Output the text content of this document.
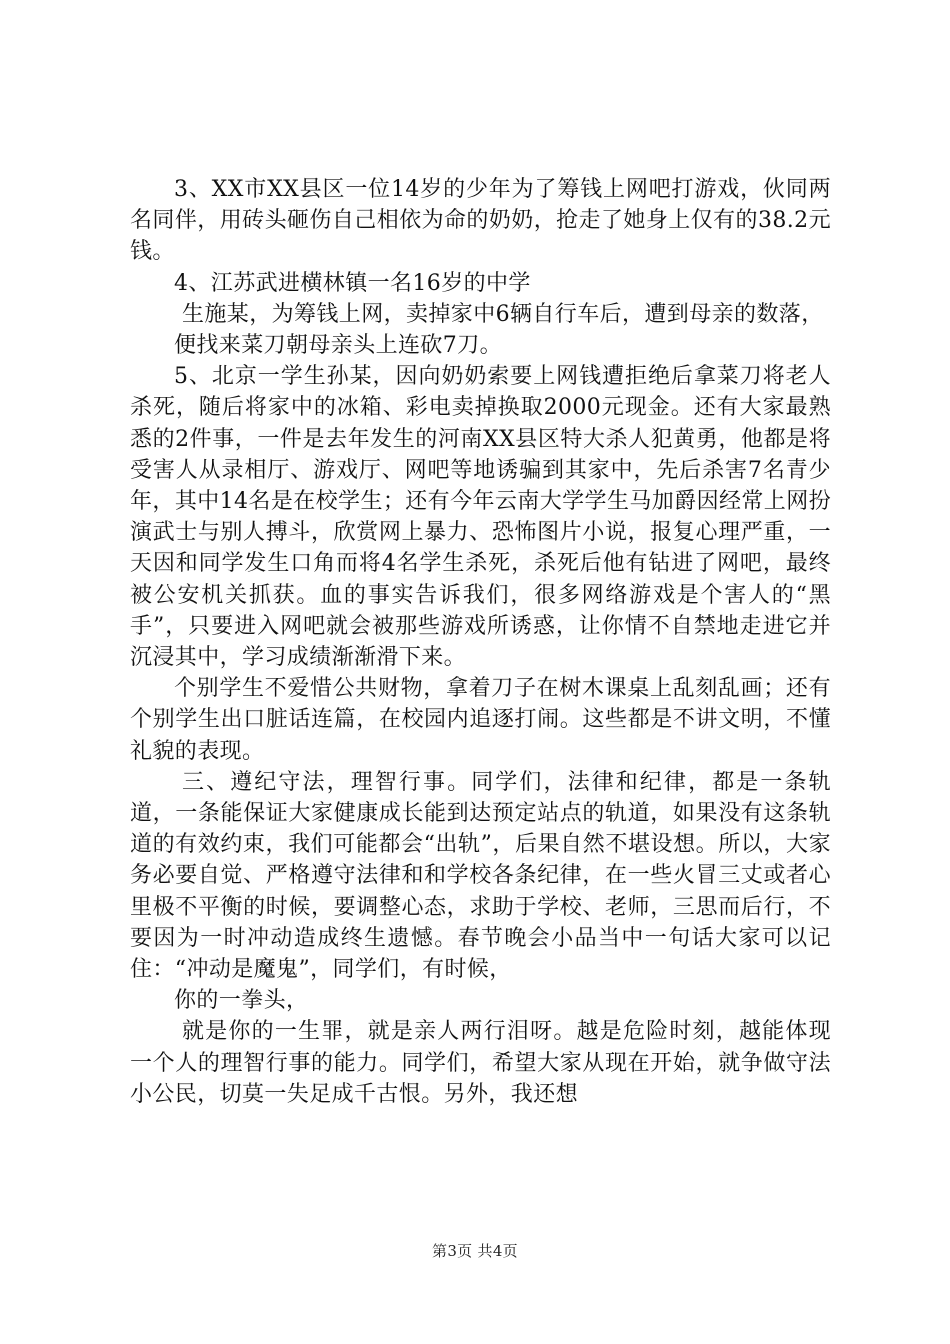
3、XX市XX县区一位14岁的少年为了筹钱上网吧打游戏，伙同两名同伴，用砖头砸伤自己相依为命的奶奶，抢走了她身上仅有的38.2元钱。

4、江苏武进横林镇一名16岁的中学

生施某，为筹钱上网，卖掉家中6辆自行车后，遭到母亲的数落，

便找来菜刀朝母亲头上连砍7刀。

5、北京一学生孙某，因向奶奶索要上网钱遭拒绝后拿菜刀将老人杀死，随后将家中的冰箱、彩电卖掉换取2000元现金。还有大家最熟悉的2件事，一件是去年发生的河南XX县区特大杀人犯黄勇，他都是将受害人从录相厅、游戏厅、网吧等地诱骗到其家中，先后杀害7名青少年，其中14名是在校学生；还有今年云南大学学生马加爵因经常上网扮演武士与别人搏斗，欣赏网上暴力、恐怖图片小说，报复心理严重，一天因和同学发生口角而将4名学生杀死，杀死后他有钻进了网吧，最终被公安机关抓获。血的事实告诉我们，很多网络游戏是个害人的“黑手”，只要进入网吧就会被那些游戏所诱惑，让你情不自禁地走进它并沉浸其中，学习成绩渐渐滑下来。

个别学生不爱惜公共财物，拿着刀子在树木课桌上乱刻乱画；还有个别学生出口脏话连篇，在校园内追逐打闹。这些都是不讲文明，不懂礼貌的表现。

三、遵纪守法，理智行事。同学们，法律和纪律，都是一条轨道，一条能保证大家健康成长能到达预定站点的轨道，如果没有这条轨道的有效约束，我们可能都会“出轨”，后果自然不堪设想。所以，大家务必要自觉、严格遵守法律和和学校各条纪律，在一些火冒三丈或者心里极不平衡的时候，要调整心态，求助于学校、老师，三思而后行，不要因为一时冲动造成终生遗憾。春节晚会小品当中一句话大家可以记住：“冲动是魔鬼”，同学们，有时候，

你的一拳头，

就是你的一生罪，就是亲人两行泪呀。越是危险时刻，越能体现一个人的理智行事的能力。同学们，希望大家从现在开始，就争做守法小公民，切莫一失足成千古恨。另外，我还想

第3页 共4页
